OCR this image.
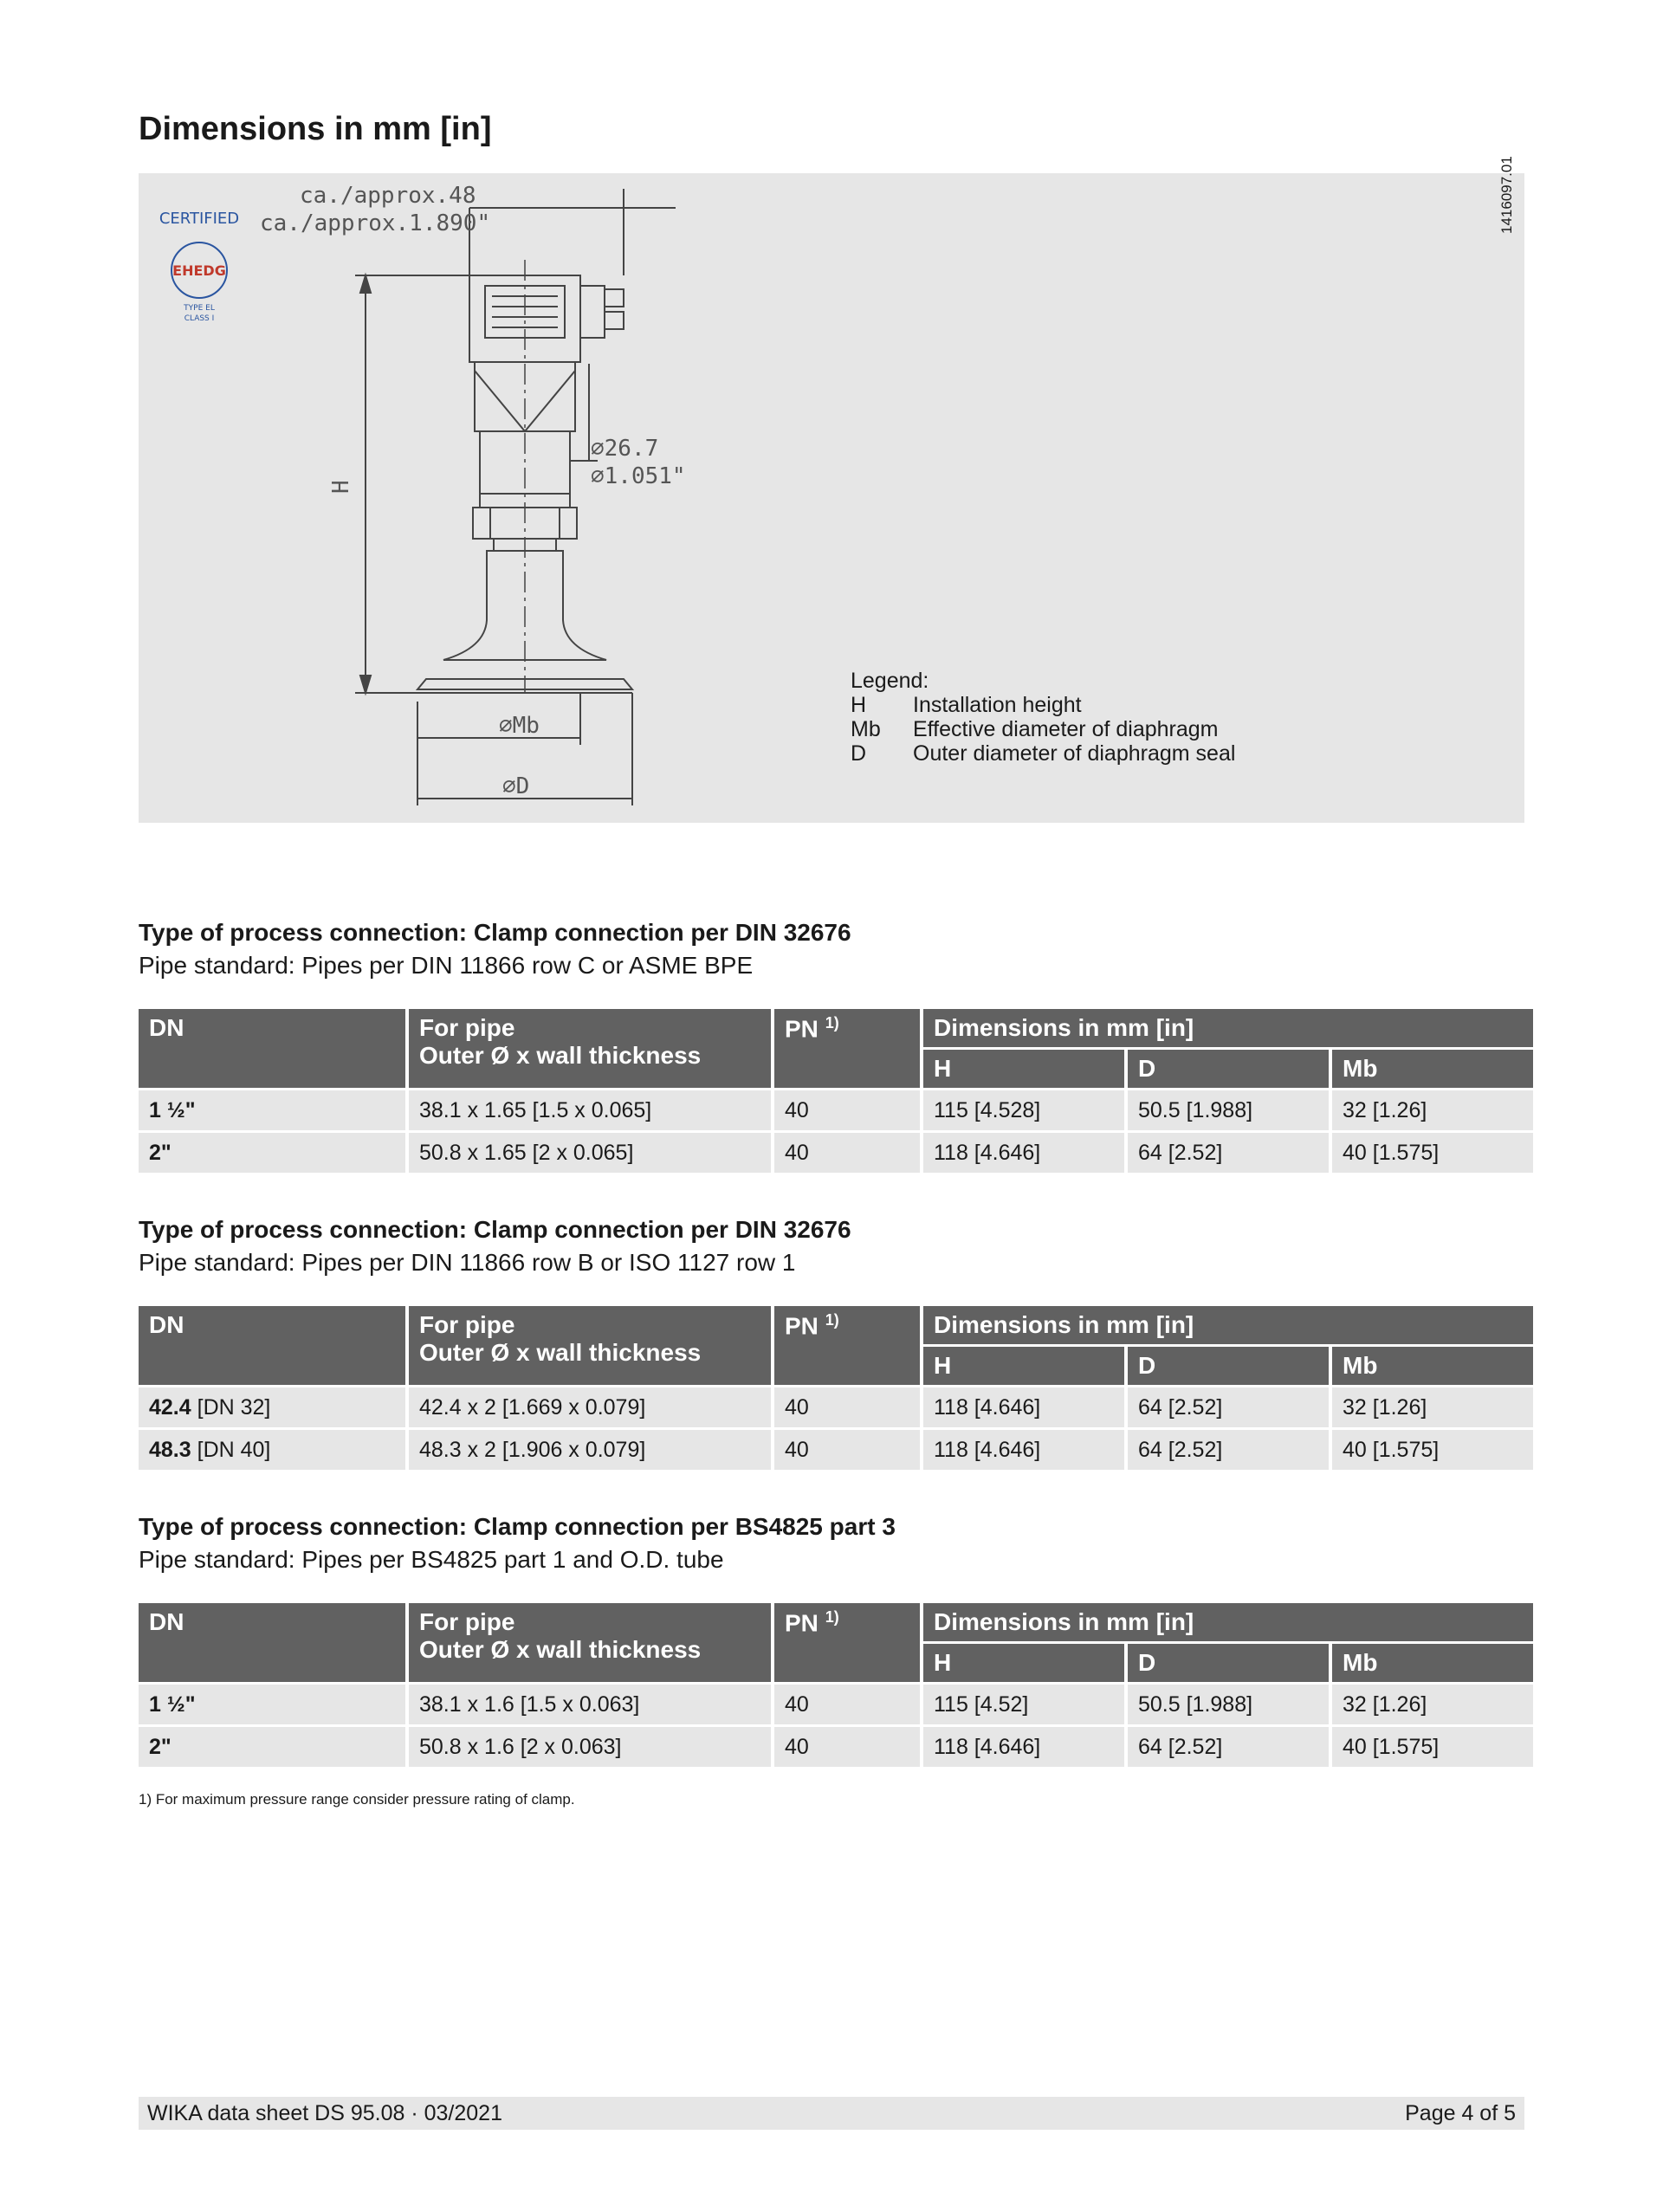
Dimensions in mm [in]
ca./approx.48
ca./approx.1.890"
⌀26.7
⌀1.051"
H
⌀Mb
⌀D
CERTIFIED
EHEDG
TYPE EL
CLASS I
1416097.01
Legend:
H	Installation height
Mb	Effective diameter of diaphragm
D	Outer diameter of diaphragm seal
Type of process connection: Clamp connection per DIN 32676
Pipe standard: Pipes per DIN 11866 row C or ASME BPE
DN	For pipe
Outer Ø x wall thickness	PN $^{1)}$	Dimensions in mm [in]		
			H	D	Mb
1 ½"	38.1 x 1.65 [1.5 x 0.065]	40	115 [4.528]	50.5 [1.988]	32 [1.26]
2"	50.8 x 1.65 [2 x 0.065]	40	118 [4.646]	64 [2.52]	40 [1.575]
Type of process connection: Clamp connection per DIN 32676
Pipe standard: Pipes per DIN 11866 row B or ISO 1127 row 1
DN	For pipe
Outer Ø x wall thickness	PN $^{1)}$	Dimensions in mm [in]		
			H	D	Mb
42.4 [DN 32]	42.4 x 2 [1.669 x 0.079]	40	118 [4.646]	64 [2.52]	32 [1.26]
48.3 [DN 40]	48.3 x 2 [1.906 x 0.079]	40	118 [4.646]	64 [2.52]	40 [1.575]
Type of process connection: Clamp connection per BS4825 part 3
Pipe standard: Pipes per BS4825 part 1 and O.D. tube
DN	For pipe
Outer Ø x wall thickness	PN $^{1)}$	Dimensions in mm [in]		
			H	D	Mb
1 ½"	38.1 x 1.6 [1.5 x 0.063]	40	115 [4.52]	50.5 [1.988]	32 [1.26]
2"	50.8 x 1.6 [2 x 0.063]	40	118 [4.646]	64 [2.52]	40 [1.575]
1) For maximum pressure range consider pressure rating of clamp.
WIKA data sheet DS 95.08 · 03/2021	Page 4 of 5
